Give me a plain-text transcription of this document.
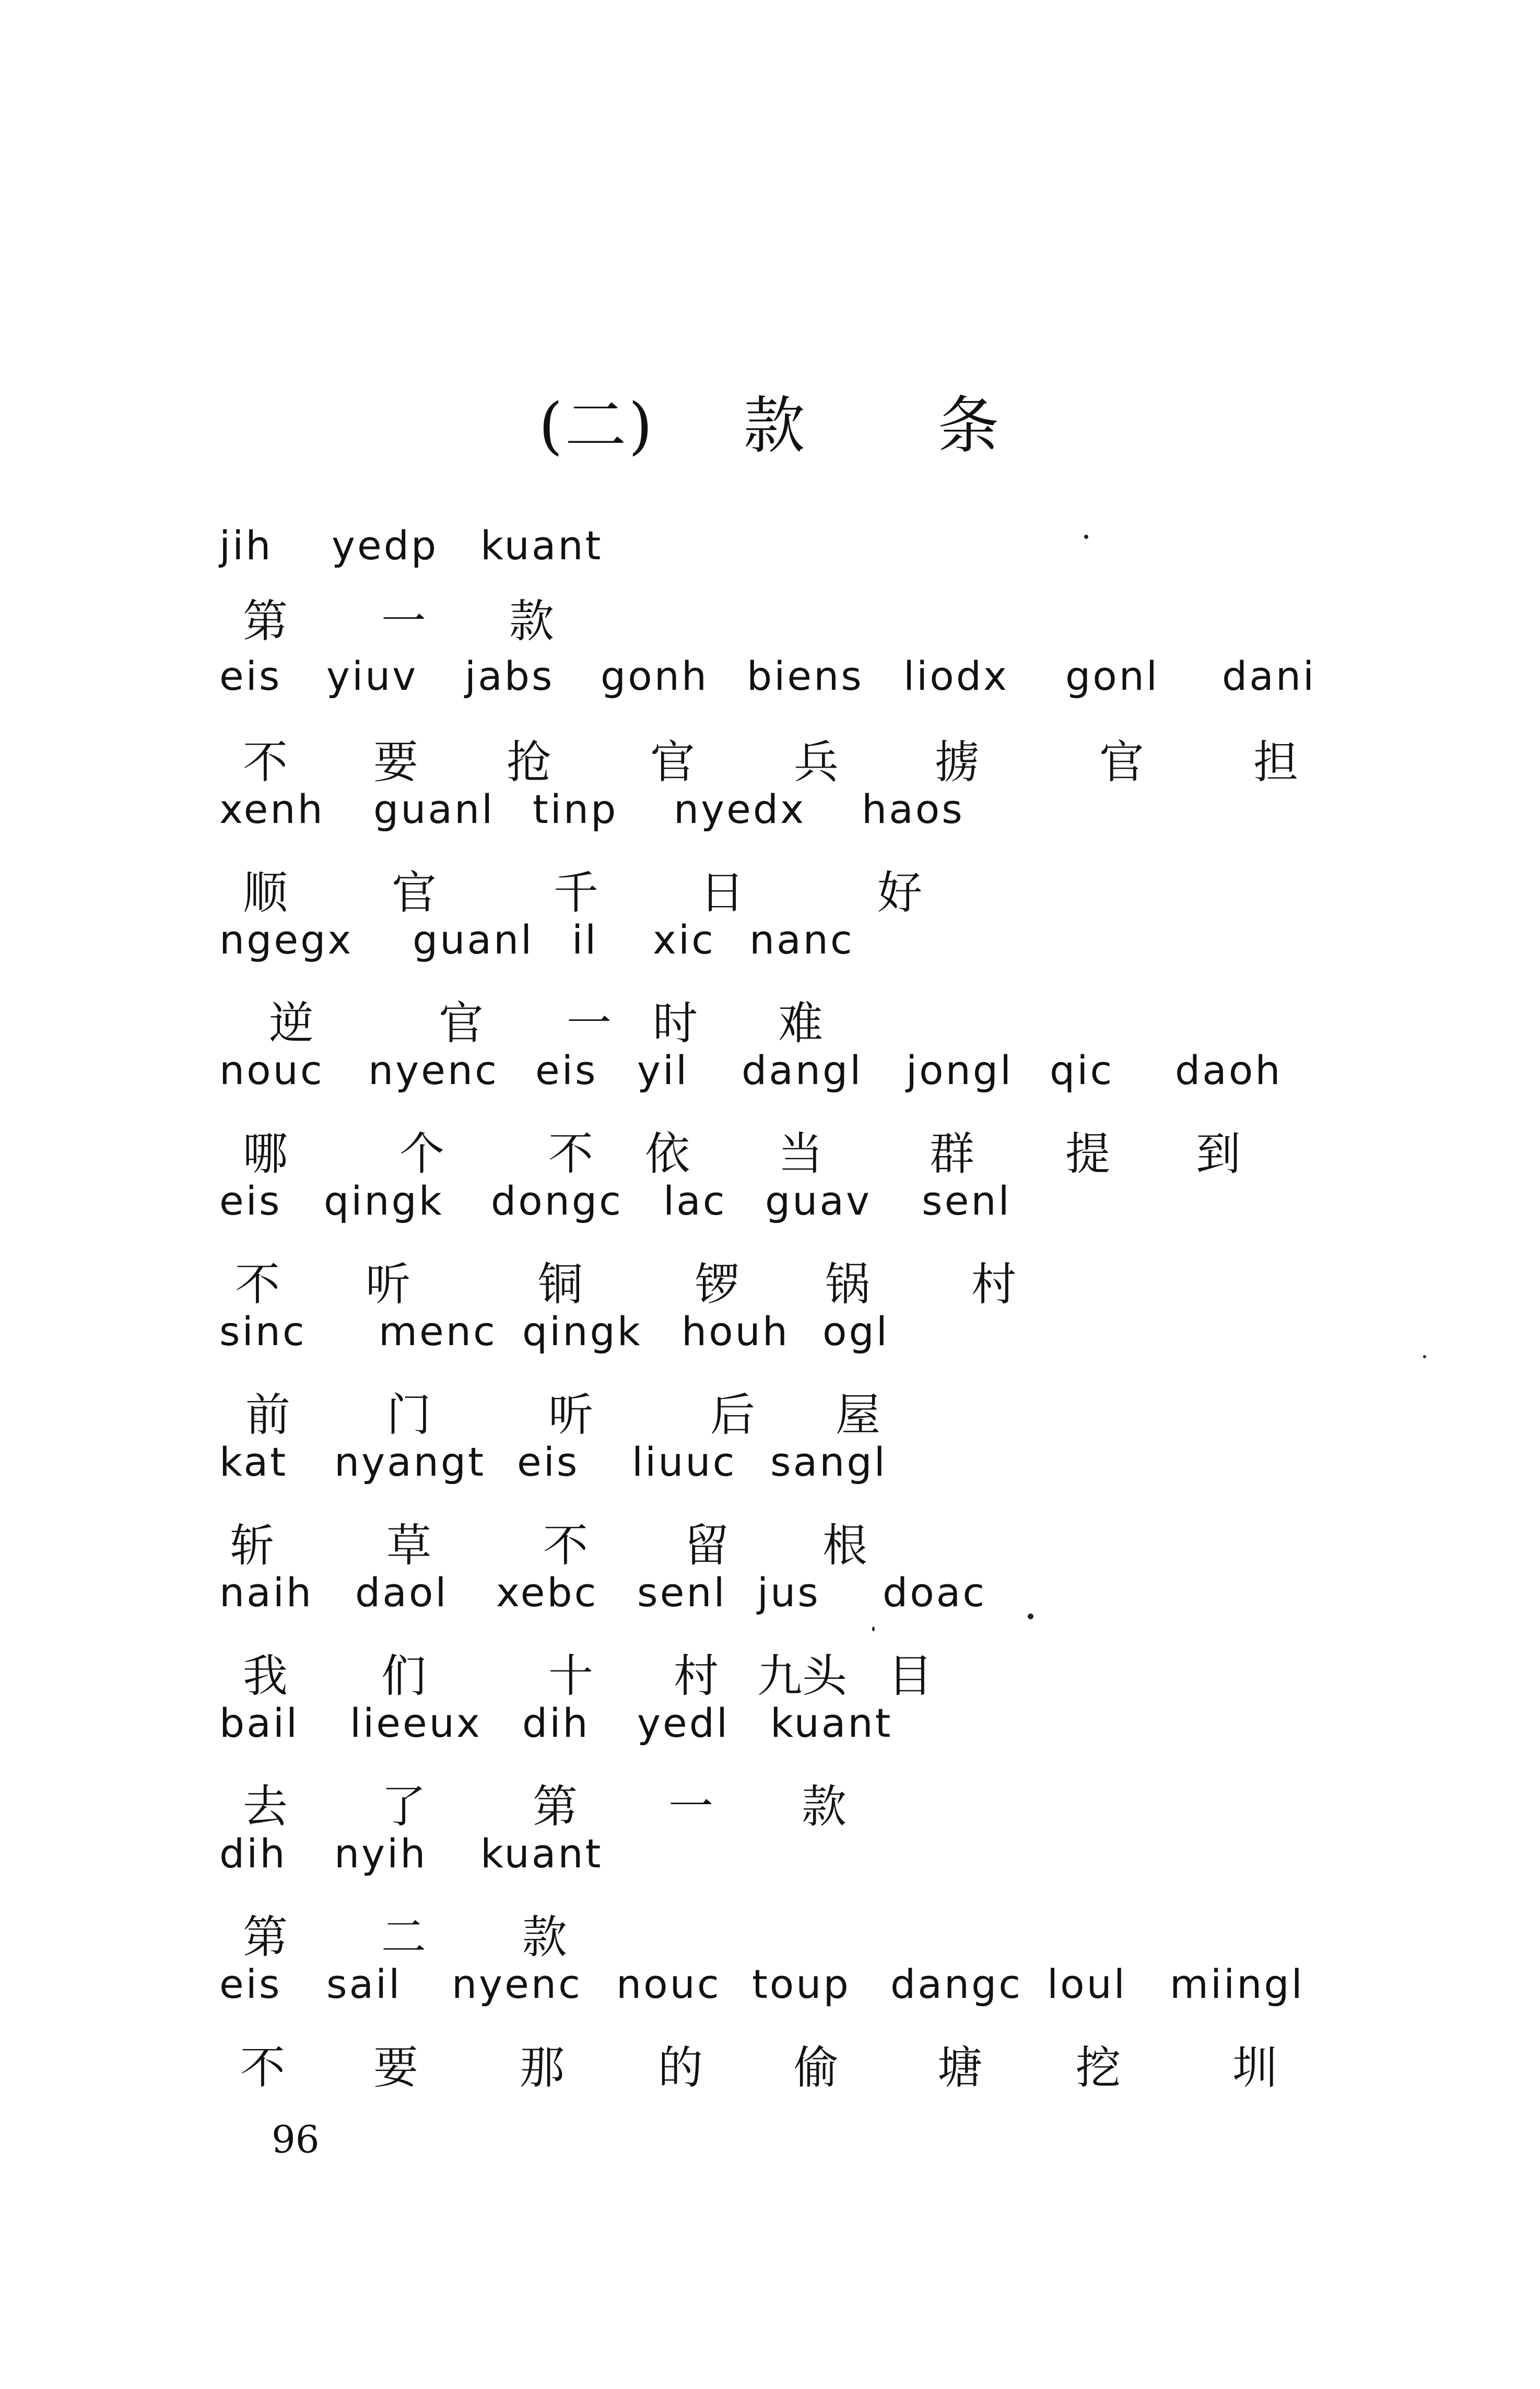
(二) 款 条
jih yedp kuant
第 一 款
eis yiuv jabs gonh biens liodx gonl dani
不 要 抢 官 兵 掳	官 担
xenh guanl tinp nyedx haos
顺 官	千 日	好
ngegx guanl il xic nanc
逆	官 一 时 难
nouc nyenc eis yil dangl jongl qic daoh
哪 个 不 依 当 群 提 到
eis qingk dongc lac guav senl
不 听	铜 锣 锅 村
sinc menc qingk houh ogl
前 门	听	后 屋
kat nyangt eis liuuc sangl
斩 草 不 留 根
naih daol xebc senl jus doac
我 们	十 村 九头 目
bail lieeux dih yedl kuant
去 了 第 一 款
dih nyih kuant
第 二 款
eis sail nyenc nouc toup dangc loul miingl
不 要 那 的 偷 塘 挖 圳
96
